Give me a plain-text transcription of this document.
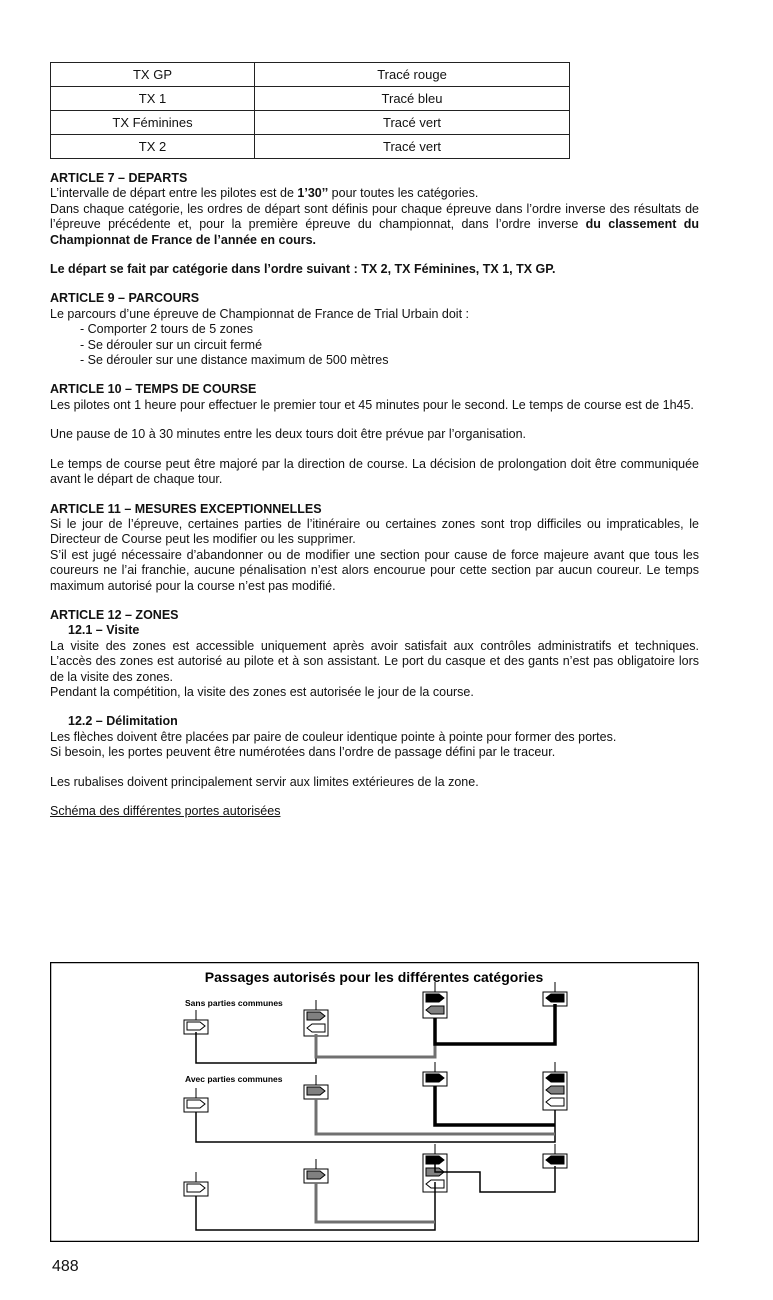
TX GP	Tracé rouge
TX 1	Tracé bleu
TX Féminines	Tracé vert
TX 2	Tracé vert
ARTICLE 7 – DEPARTS

L’intervalle de départ entre les pilotes est de 1’30’’ pour toutes les catégories.

Dans chaque catégorie, les ordres de départ sont définis pour chaque épreuve dans l’ordre inverse des résultats de l’épreuve précédente et, pour la première épreuve du championnat, dans l’ordre inverse du classement du Championnat de France de l’année en cours.

Le départ se fait par catégorie dans l’ordre suivant : TX 2, TX Féminines, TX 1, TX GP.

ARTICLE 9 – PARCOURS

Le parcours d’une épreuve de Championnat de France de Trial Urbain doit :

- Comporter 2 tours de 5 zones
- Se dérouler sur un circuit fermé
- Se dérouler sur une distance maximum de 500 mètres
ARTICLE 10 – TEMPS DE COURSE

Les pilotes ont 1 heure pour effectuer le premier tour et 45 minutes pour le second. Le temps de course est de 1h45.

Une pause de 10 à 30 minutes entre les deux tours doit être prévue par l’organisation.

Le temps de course peut être majoré par la direction de course. La décision de prolongation doit être communiquée avant le départ de chaque tour.

ARTICLE 11 – MESURES EXCEPTIONNELLES

Si le jour de l’épreuve, certaines parties de l’itinéraire ou certaines zones sont trop difficiles ou impraticables, le Directeur de Course peut les modifier ou les supprimer.

S’il est jugé nécessaire d’abandonner ou de modifier une section pour cause de force majeure avant que tous les coureurs ne l’ai franchie, aucune pénalisation n’est alors encourue pour cette section par aucun coureur. Le temps maximum autorisé pour la course n’est pas modifié.

ARTICLE 12 – ZONES
12.1 – Visite

La visite des zones est accessible uniquement après avoir satisfait aux contrôles administratifs et techniques. L’accès des zones est autorisé au pilote et à son assistant. Le port du casque et des gants n’est pas obligatoire lors de la visite des zones.

Pendant la compétition, la visite des zones est autorisée le jour de la course.

12.2 – Délimitation

Les flèches doivent être placées par paire de couleur identique pointe à pointe pour former des portes.

Si besoin, les portes peuvent être numérotées dans l’ordre de passage défini par le traceur.

Les rubalises doivent principalement servir aux limites extérieures de la zone.

Schéma des différentes portes autorisées

Passages autorisés pour les différentes catégories
Sans parties communes
Avec parties communes
488
